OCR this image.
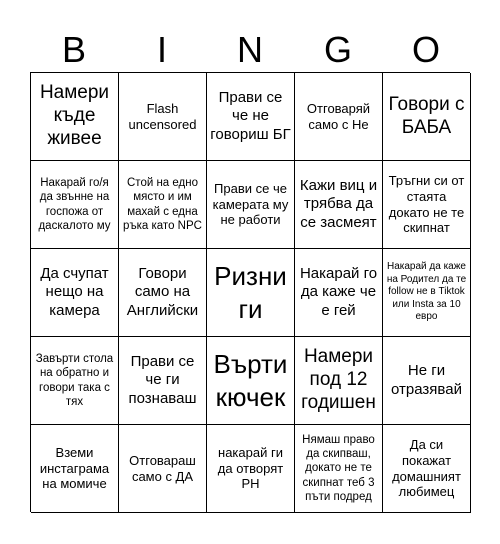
B	I	N	G	O
Намери къде живее
Flash uncensored
Прави се че не говориш БГ
Отговаряй само с Не
Говори с БАБА
Накарай го/я да звънне на госпожа от даскалото му
Стой на едно място и им махай с една ръка като NPC
Прави се че камерата му не работи
Кажи виц и трябва да се засмеят
Тръгни си от стаята докато не те скипнат
Да счупат нещо на камера
Говори само на Английски
Ризни ги
Накарай го да каже че е гей
Накарай да каже на Родител да те follow не в Tiktok или Insta за 10 евро
Завърти стола на обратно и говори така с тях
Прави се че ги познаваш
Върти кючек
Намери под 12 годишен
Не ги отразявай
Вземи инстаграма на момиче
Отговараш само с ДА
накарай ги да отворят PH
Нямаш право да скипваш, докато не те скипнат теб 3 пъти подред
Да си покажат домашният любимец
